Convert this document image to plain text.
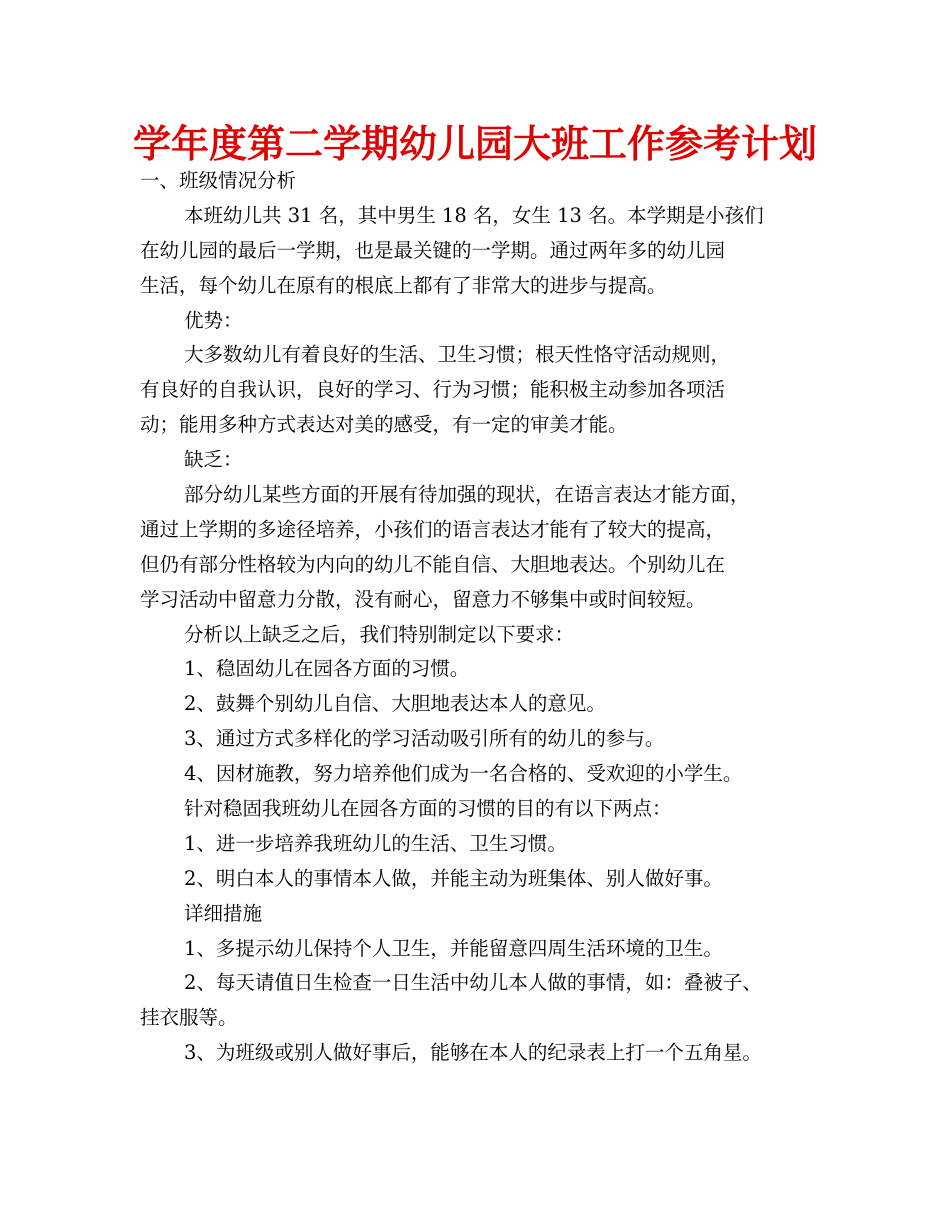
学年度第二学期幼儿园大班工作参考计划
一、班级情况分析
本班幼儿共 31 名，其中男生 18 名，女生 13 名。本学期是小孩们
在幼儿园的最后一学期，也是最关键的一学期。通过两年多的幼儿园
生活，每个幼儿在原有的根底上都有了非常大的进步与提高。
优势：
大多数幼儿有着良好的生活、卫生习惯；根天性恪守活动规则，
有良好的自我认识，良好的学习、行为习惯；能积极主动参加各项活
动；能用多种方式表达对美的感受，有一定的审美才能。
缺乏：
部分幼儿某些方面的开展有待加强的现状，在语言表达才能方面，
通过上学期的多途径培养，小孩们的语言表达才能有了较大的提高，
但仍有部分性格较为内向的幼儿不能自信、大胆地表达。个别幼儿在
学习活动中留意力分散，没有耐心，留意力不够集中或时间较短。
分析以上缺乏之后，我们特别制定以下要求：
1、稳固幼儿在园各方面的习惯。
2、鼓舞个别幼儿自信、大胆地表达本人的意见。
3、通过方式多样化的学习活动吸引所有的幼儿的参与。
4、因材施教，努力培养他们成为一名合格的、受欢迎的小学生。
针对稳固我班幼儿在园各方面的习惯的目的有以下两点：
1、进一步培养我班幼儿的生活、卫生习惯。
2、明白本人的事情本人做，并能主动为班集体、别人做好事。
详细措施
1、多提示幼儿保持个人卫生，并能留意四周生活环境的卫生。
2、每天请值日生检查一日生活中幼儿本人做的事情，如：叠被子、
挂衣服等。
3、为班级或别人做好事后，能够在本人的纪录表上打一个五角星。
